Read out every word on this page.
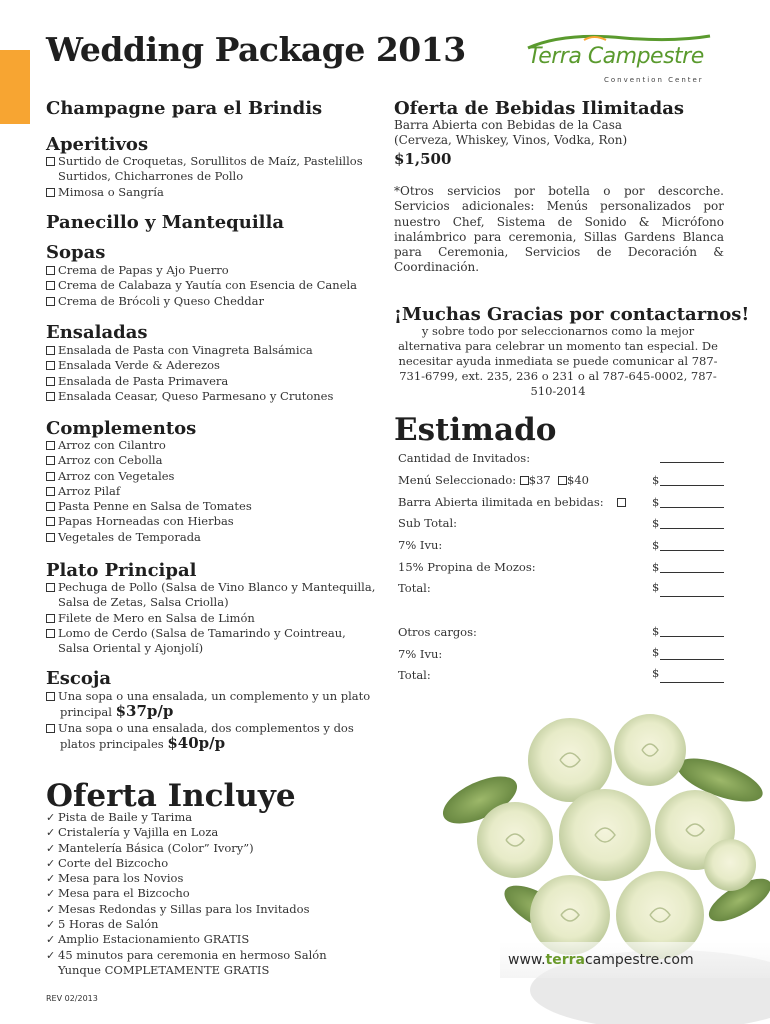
Wedding Package 2013	Terra Campestre
Convention Center
Champagne para el Brindis
Aperitivos
Surtido de Croquetas, Sorullitos de Maíz, Pastelillos
Surtidos, Chicharrones de Pollo
Mimosa o Sangría
Panecillo y Mantequilla
Sopas
Crema de Papas y Ajo Puerro
Crema de Calabaza y Yautía con Esencia de Canela
Crema de Brócoli y Queso Cheddar
Ensaladas
Ensalada de Pasta con Vinagreta Balsámica
Ensalada Verde & Aderezos
Ensalada de Pasta Primavera
Ensalada Ceasar, Queso Parmesano y Crutones
Complementos
Arroz con Cilantro
Arroz con Cebolla
Arroz con Vegetales
Arroz Pilaf
Pasta Penne en Salsa de Tomates
Papas Horneadas con Hierbas
Vegetales de Temporada
Plato Principal
Pechuga de Pollo (Salsa de Vino Blanco y Mantequilla,
Salsa de Zetas, Salsa Criolla)
Filete de Mero en Salsa de Limón
Lomo de Cerdo (Salsa de Tamarindo y Cointreau,
Salsa Oriental y Ajonjolí)
Escoja
Una sopa o una ensalada, un complemento y un plato
principal $37p/p
Una sopa o una ensalada, dos complementos y dos
platos principales $40p/p
Oferta Incluye
✓ Pista de Baile y Tarima
✓ Cristalería y Vajilla en Loza
✓ Mantelería Básica (Color” Ivory”)
✓ Corte del Bizcocho
✓ Mesa para los Novios
✓ Mesa para el Bizcocho
✓ Mesas Redondas y Sillas para los Invitados
✓ 5 Horas de Salón
✓ Amplio Estacionamiento GRATIS
✓ 45 minutos para ceremonia en hermoso Salón
Yunque COMPLETAMENTE GRATIS
REV 02/2013
Oferta de Bebidas Ilimitadas
Barra Abierta con Bebidas de la Casa
(Cerveza, Whiskey, Vinos, Vodka, Ron)
$1,500
*Otros servicios por botella o por descorche. Servicios adicionales: Menús personalizados por nuestro Chef, Sistema de Sonido & Micrófono inalámbrico para ceremonia, Sillas Gardens Blanca para Ceremonia, Servicios de Decoración & Coordinación.
¡Muchas Gracias por contactarnos!
y sobre todo por seleccionarnos como la mejor alternativa para celebrar un momento tan especial. De necesitar ayuda inmediata se puede comunicar al 787-731-6799, ext. 235, 236 o 231 o al 787-645-0002, 787-510-2014
Estimado
Cantidad de Invitados:
Menú Seleccionado: $37 $40	$
Barra Abierta ilimitada en bebidas:	$
Sub Total:	$
7% Ivu:	$
15% Propina de Mozos:	$
Total:	$
Otros cargos:	$
7% Ivu:	$
Total:	$
www.terracampestre.com
